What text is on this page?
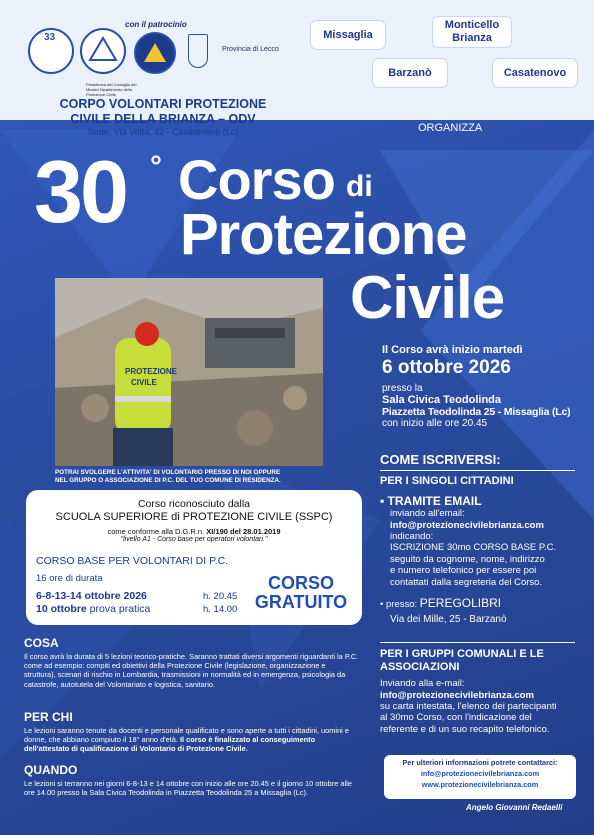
33
con il patrocinio
Presidenza del Consiglio dei Ministri Dipartimento della Protezione Civile
Provincia di Lecco
Missaglia
Monticello Brianza
Barzanò	Casatenovo
CORPO VOLONTARI PROTEZIONE
CIVILE DELLA BRIANZA – ODV
Sede: Via Volta, 42 - Casatenovo (Lc)	ORGANIZZA
30 ° Corso di
Protezione
Civile
PROTEZIONE
CIVILE
POTRAI SVOLGERE L'ATTIVITA' DI VOLONTARIO PRESSO DI NOI OPPURE
NEL GRUPPO O ASSOCIAZIONE DI P.C. DEL TUO COMUNE DI RESIDENZA.
Il Corso avrà inizio martedì
6 ottobre 2026
presso la
Sala Civica Teodolinda
Piazzetta Teodolinda 25 - Missaglia (Lc)
con inizio alle ore 20.45
Corso riconosciuto dalla
SCUOLA SUPERIORE di PROTEZIONE CIVILE (SSPC)
come conforme alla D.G.R.n. XI/190 del 28.01.2019
"livello A1 - Corso base per operatori volontari."
CORSO BASE PER VOLONTARI DI P.C.
16 ore di durata
6-8-13-14 ottobre 2026	h. 20.45
10 ottobre prova pratica	h. 14.00
CORSO
GRATUITO
COSA
Il corso avrà la durata di 5 lezioni teorico-pratiche. Saranno trattati diversi argomenti riguardanti la P.C. come ad esempio: compiti ed obiettivi della Protezione Civile (legislazione, organizzazione e struttura), scenari di rischio in Lombardia, trasmissioni in normalità ed in emergenza, psicologia da catastrofe, autotutela del Volontariato e logistica, sanitario.
PER CHI
Le lezioni saranno tenute da docenti e personale qualificato e sono aperte a tutti i cittadini, uomini e donne, che abbiano compiuto il 18° anno d'età. Il corso è finalizzato al conseguimento dell'attestato di qualificazione di Volontario di Protezione Civile.
QUANDO
Le lezioni si terranno nei giorni 6-8-13 e 14 ottobre con inizio alle ore 20.45 e il giorno 10 ottobre alle ore 14.00 presso la Sala Civica Teodolinda in Piazzetta Teodolinda 25 a Missaglia (Lc).
COME ISCRIVERSI:
PER I SINGOLI CITTADINI
• TRAMITE EMAIL
inviando all'email:
info@protezionecivilebrianza.com
indicando:
ISCRIZIONE 30mo CORSO BASE P.C.
seguito da cognome, nome, indirizzo
e numero telefonico per essere poi
contattati dalla segreteria del Corso.
• presso: PEREGOLIBRI
Via dei Mille, 25 - Barzanò
PER I GRUPPI COMUNALI E LE ASSOCIAZIONI
Inviando alla e-mail:
info@protezionecivilebrianza.com
su carta intestata, l'elenco dei partecipanti
al 30mo Corso, con l'indicazione del
referente e di un suo recapito telefonico.
Per ulteriori informazioni potrete contattarci:
info@protezionecivilebrianza.com
www.protezionecivilebrianza.com
Il Presidente
Angelo Giovanni Redaelli
